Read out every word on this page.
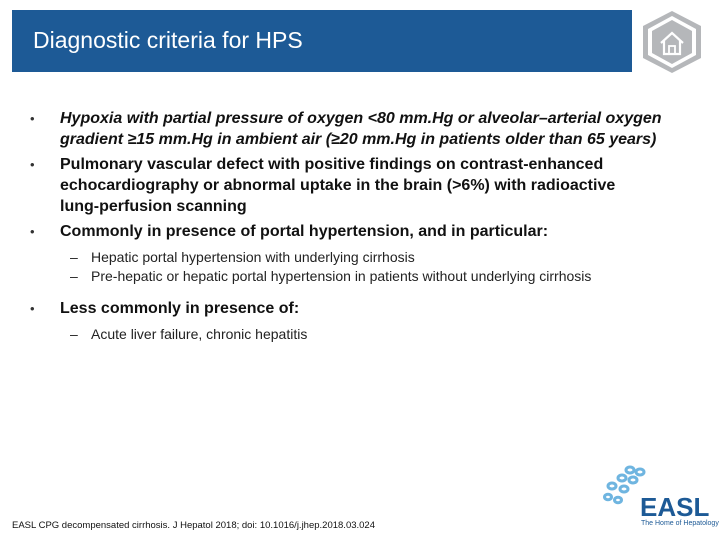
Diagnostic criteria for HPS
•	Hypoxia with partial pressure of oxygen <80 mm.Hg or alveolar–arterial oxygen
gradient ≥15 mm.Hg in ambient air (≥20 mm.Hg in patients older than 65 years)
•	Pulmonary vascular defect with positive findings on contrast-enhanced
echocardiography or abnormal uptake in the brain (>6%) with radioactive
lung-perfusion scanning
•	Commonly in presence of portal hypertension, and in particular:
– Hepatic portal hypertension with underlying cirrhosis
– Pre-hepatic or hepatic portal hypertension in patients without underlying cirrhosis
•	Less commonly in presence of:
– Acute liver failure, chronic hepatitis
EASL CPG decompensated cirrhosis. J Hepatol 2018; doi: 10.1016/j.jhep.2018.03.024
EASL
The Home of Hepatology
